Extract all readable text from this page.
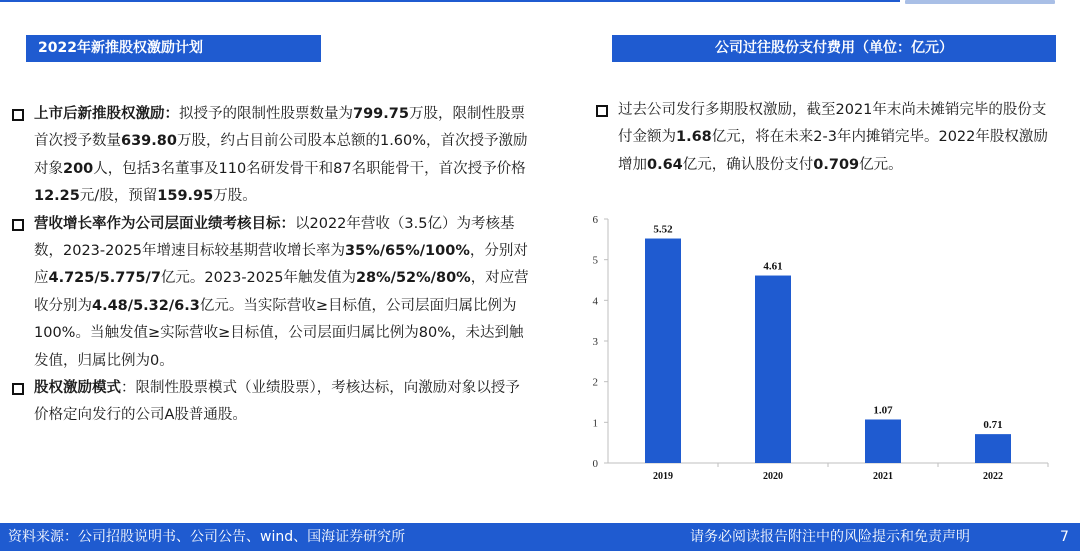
2022年新推股权激励计划	公司过往股份支付费用（单位：亿元）
上市后新推股权激励：拟授予的限制性股票数量为799.75万股，限制性股票首次授予数量639.80万股，约占目前公司股本总额的1.60%，首次授予激励对象200人，包括3名董事及110名研发骨干和87名职能骨干，首次授予价格12.25元/股，预留159.95万股。
营收增长率作为公司层面业绩考核目标：以2022年营收（3.5亿）为考核基数，2023-2025年增速目标较基期营收增长率为35%/65%/100%，分别对应4.725/5.775/7亿元。2023-2025年触发值为28%/52%/80%，对应营收分别为4.48/5.32/6.3亿元。当实际营收≥目标值，公司层面归属比例为100%。当触发值≥实际营收≥目标值，公司层面归属比例为80%，未达到触发值，归属比例为0。
股权激励模式：限制性股票模式（业绩股票），考核达标，向激励对象以授予价格定向发行的公司A股普通股。
过去公司发行多期股权激励，截至2021年末尚未摊销完毕的股份支付金额为1.68亿元，将在未来2-3年内摊销完毕。2022年股权激励增加0.64亿元，确认股份支付0.709亿元。
0
1
2
3
4
5
6
5.52
2019
4.61
2020
1.07
2021
0.71
2022
资料来源：公司招股说明书、公司公告、wind、国海证券研究所	请务必阅读报告附注中的风险提示和免责声明	7
